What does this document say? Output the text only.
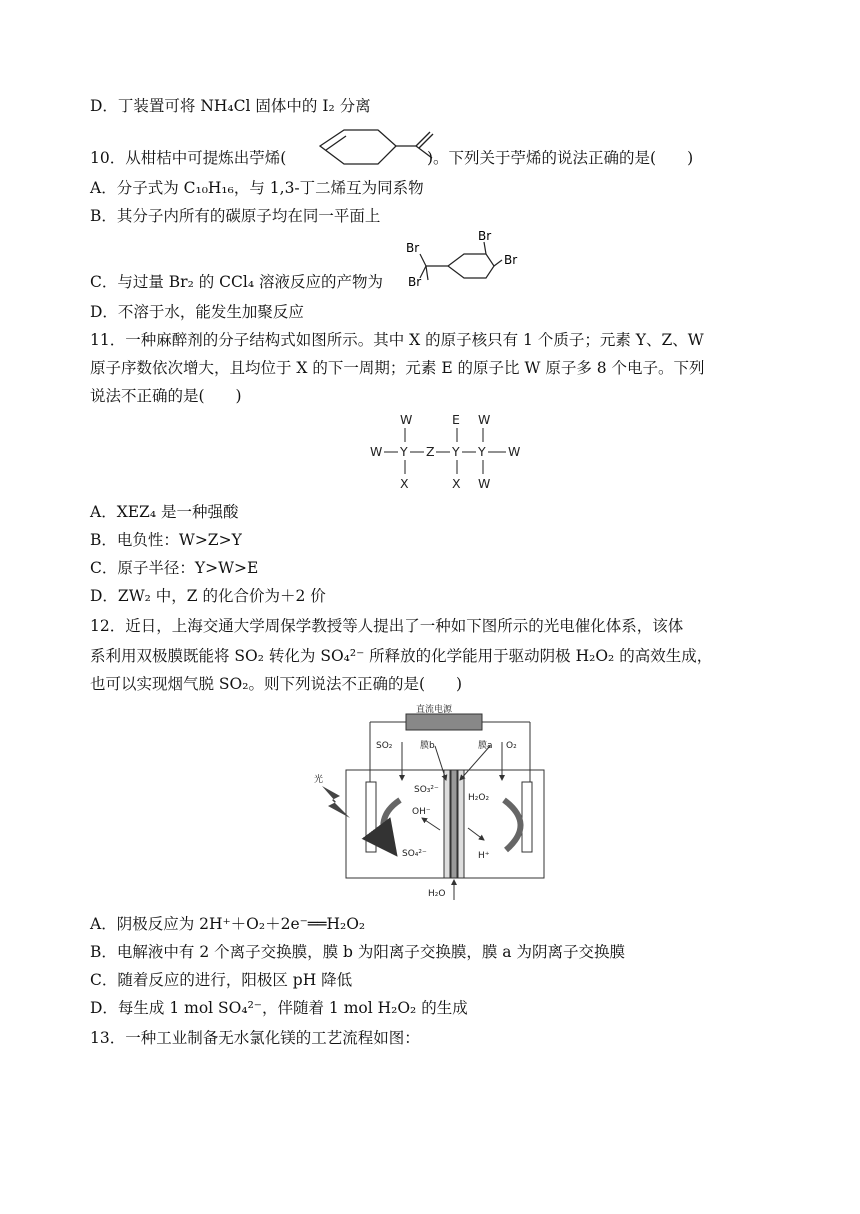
D．丁装置可将 NH₄Cl 固体中的 I₂ 分离
10．从柑桔中可提炼出苧烯(	)。下列关于苧烯的说法正确的是(　　)
A．分子式为 C₁₀H₁₆，与 1,3-丁二烯互为同系物
B．其分子内所有的碳原子均在同一平面上
Br
Br
Br
Br
C．与过量 Br₂ 的 CCl₄ 溶液反应的产物为
D．不溶于水，能发生加聚反应
11．一种麻醉剂的分子结构式如图所示。其中 X 的原子核只有 1 个质子；元素 Y、Z、W
原子序数依次增大，且均位于 X 的下一周期；元素 E 的原子比 W 原子多 8 个电子。下列
说法不正确的是(　　)
W	E W
W Y Z Y Y W
X	X W
A．XEZ₄ 是一种强酸
B．电负性：W>Z>Y
C．原子半径：Y>W>E
D．ZW₂ 中，Z 的化合价为＋2 价
12．近日，上海交通大学周保学教授等人提出了一种如下图所示的光电催化体系，该体
系利用双极膜既能将 SO₂ 转化为 SO₄²⁻ 所释放的化学能用于驱动阴极 H₂O₂ 的高效生成，
也可以实现烟气脱 SO₂。则下列说法不正确的是(　　)
直流电源
SO₂	膜b	膜a O₂
光
SO₃²⁻
H₂O₂
OH⁻
SO₄²⁻	H⁺
H₂O
A．阴极反应为 2H⁺＋O₂＋2e⁻══H₂O₂
B．电解液中有 2 个离子交换膜，膜 b 为阳离子交换膜，膜 a 为阴离子交换膜
C．随着反应的进行，阳极区 pH 降低
D．每生成 1 mol SO₄²⁻，伴随着 1 mol H₂O₂ 的生成
13．一种工业制备无水氯化镁的工艺流程如图：
